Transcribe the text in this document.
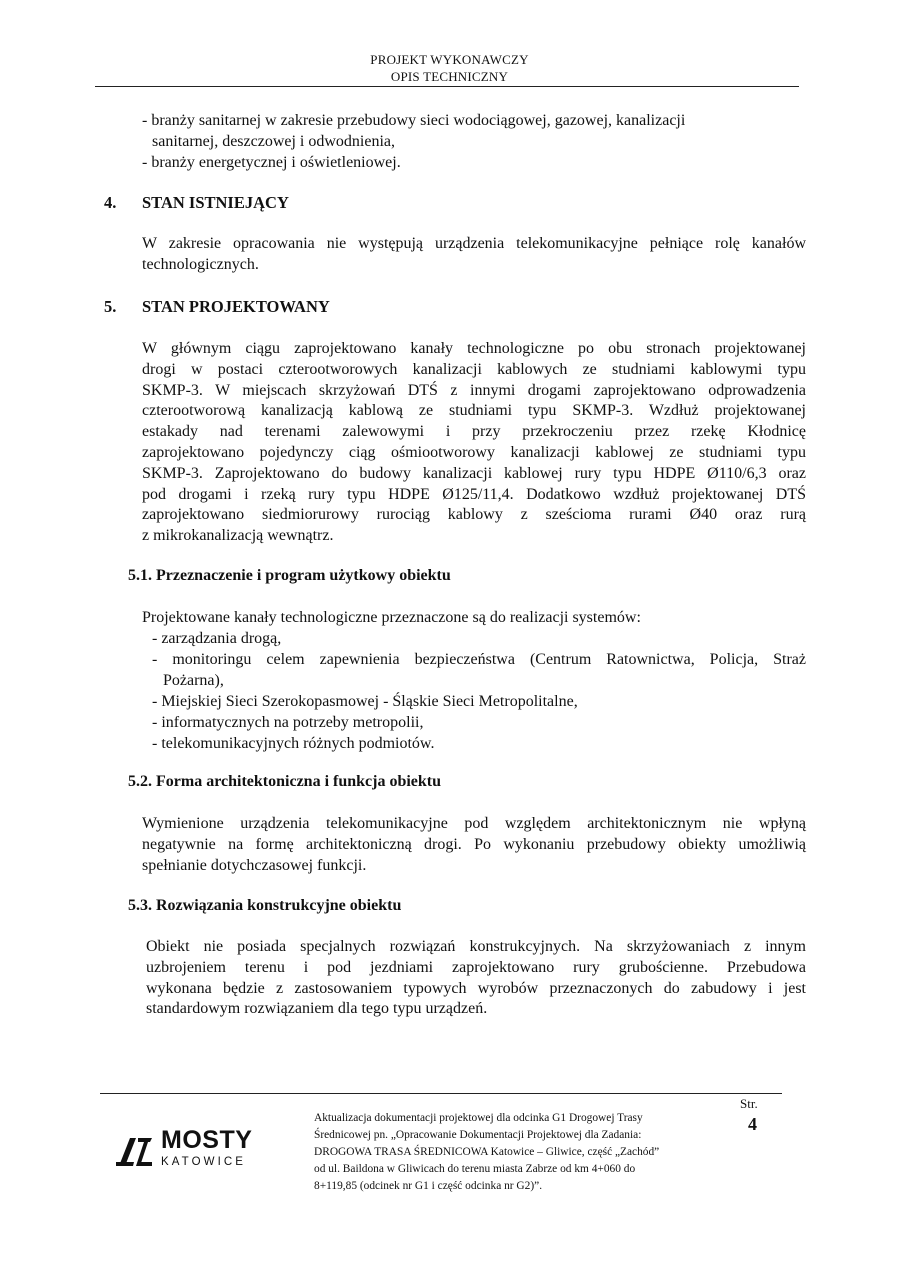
PROJEKT WYKONAWCZY
OPIS TECHNICZNY
- branży sanitarnej w zakresie przebudowy sieci wodociągowej, gazowej, kanalizacji
sanitarnej, deszczowej i odwodnienia,
- branży energetycznej i oświetleniowej.
4. STAN ISTNIEJĄCY
W zakresie opracowania nie występują urządzenia telekomunikacyjne pełniące rolę kanałów
technologicznych.
5. STAN PROJEKTOWANY
W głównym ciągu zaprojektowano kanały technologiczne po obu stronach projektowanej
drogi w postaci czterootworowych kanalizacji kablowych ze studniami kablowymi typu
SKMP-3. W miejscach skrzyżowań DTŚ z innymi drogami zaprojektowano odprowadzenia
czterootworową kanalizacją kablową ze studniami typu SKMP-3. Wzdłuż projektowanej
estakady nad terenami zalewowymi i przy przekroczeniu przez rzekę Kłodnicę
zaprojektowano pojedynczy ciąg ośmiootworowy kanalizacji kablowej ze studniami typu
SKMP-3. Zaprojektowano do budowy kanalizacji kablowej rury typu HDPE Ø110/6,3 oraz
pod drogami i rzeką rury typu HDPE Ø125/11,4. Dodatkowo wzdłuż projektowanej DTŚ
zaprojektowano siedmiorurowy rurociąg kablowy z sześcioma rurami Ø40 oraz rurą
z mikrokanalizacją wewnątrz.
5.1. Przeznaczenie i program użytkowy obiektu
Projektowane kanały technologiczne przeznaczone są do realizacji systemów:
- zarządzania drogą,
- monitoringu celem zapewnienia bezpieczeństwa (Centrum Ratownictwa, Policja, Straż
Pożarna),
- Miejskiej Sieci Szerokopasmowej - Śląskie Sieci Metropolitalne,
- informatycznych na potrzeby metropolii,
- telekomunikacyjnych różnych podmiotów.
5.2. Forma architektoniczna i funkcja obiektu
Wymienione urządzenia telekomunikacyjne pod względem architektonicznym nie wpłyną
negatywnie na formę architektoniczną drogi. Po wykonaniu przebudowy obiekty umożliwią
spełnianie dotychczasowej funkcji.
5.3. Rozwiązania konstrukcyjne obiektu
Obiekt nie posiada specjalnych rozwiązań konstrukcyjnych. Na skrzyżowaniach z innym
uzbrojeniem terenu i pod jezdniami zaprojektowano rury grubościenne. Przebudowa
wykonana będzie z zastosowaniem typowych wyrobów przeznaczonych do zabudowy i jest
standardowym rozwiązaniem dla tego typu urządzeń.
Str.
4
MOSTY
KATOWICE
Aktualizacja dokumentacji projektowej dla odcinka G1 Drogowej Trasy
Średnicowej pn. „Opracowanie Dokumentacji Projektowej dla Zadania:
DROGOWA TRASA ŚREDNICOWA Katowice – Gliwice, część „Zachód”
od ul. Baildona w Gliwicach do terenu miasta Zabrze od km 4+060 do
8+119,85 (odcinek nr G1 i część odcinka nr G2)”.
